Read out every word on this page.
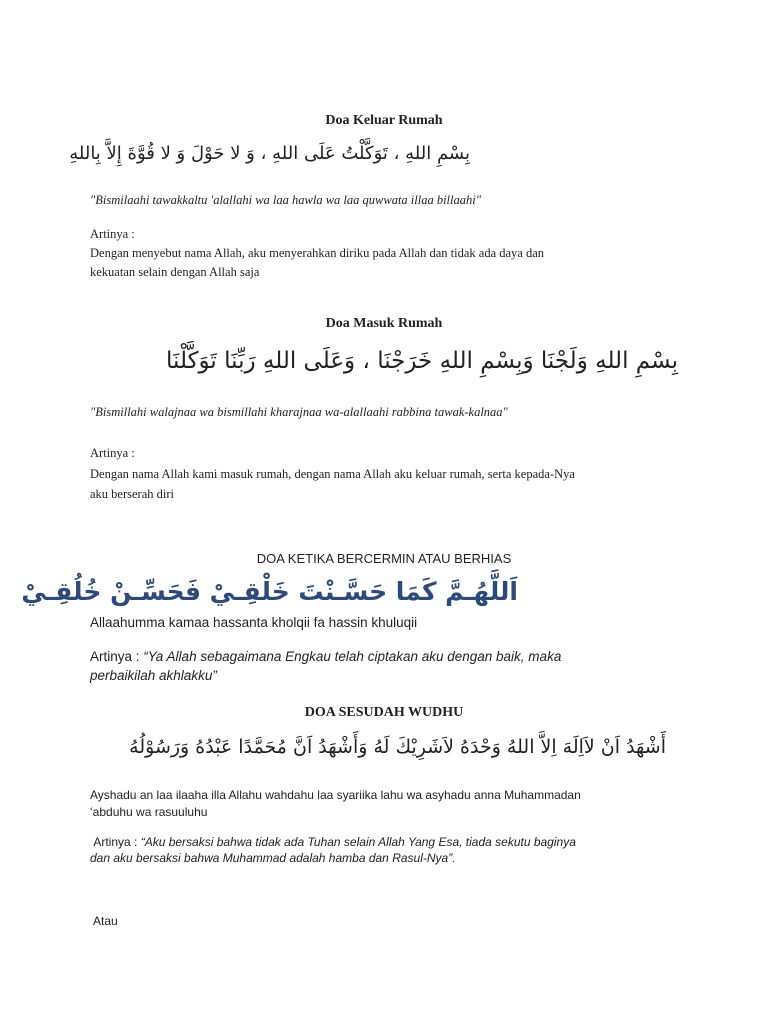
Doa Keluar Rumah
بِسْمِ اللهِ ، تَوَكَّلْتُ عَلَى اللهِ ، وَ لا حَوْلَ وَ لا قُوَّةَ إِلاَّ بِاللهِ
"Bismilaahi tawakkaltu 'alallahi wa laa hawla wa laa quwwata illaa billaahi"
Artinya :
Dengan menyebut nama Allah, aku menyerahkan diriku pada Allah dan tidak ada daya dan
kekuatan selain dengan Allah saja
Doa Masuk Rumah
بِسْمِ اللهِ وَلَجْنَا وَبِسْمِ اللهِ خَرَجْنَا ، وَعَلَى اللهِ رَبِّنَا تَوَكَّلْنَا
"Bismillahi walajnaa wa bismillahi kharajnaa wa-alallaahi rabbina tawak-kalnaa"
Artinya :
Dengan nama Allah kami masuk rumah, dengan nama Allah aku keluar rumah, serta kepada-Nya
aku berserah diri
DOA KETIKA BERCERMIN ATAU BERHIAS
اَللَّهُـمَّ كَمَا حَسَّـنْتَ خَلْقِـيْ فَحَسِّـنْ خُلُقِـيْ
Allaahumma kamaa hassanta kholqii fa hassin khuluqii
Artinya : “Ya Allah sebagaimana Engkau telah ciptakan aku dengan baik, maka
perbaikilah akhlakku”
DOA SESUDAH WUDHU
أَشْهَدُ اَنْ لاَاِلَهَ اِلاَّ اللهُ وَحْدَهُ لاَشَرِيْكَ لَهُ وَأَشْهَدُ اَنَّ مُحَمَّدًا عَبْدُهُ وَرَسُوْلُهُ
Ayshadu an laa ilaaha illa Allahu wahdahu laa syariika lahu wa asyhadu anna Muhammadan
‘abduhu wa rasuuluhu
Artinya : “Aku bersaksi bahwa tidak ada Tuhan selain Allah Yang Esa, tiada sekutu baginya
dan aku bersaksi bahwa Muhammad adalah hamba dan Rasul-Nya”.
Atau
